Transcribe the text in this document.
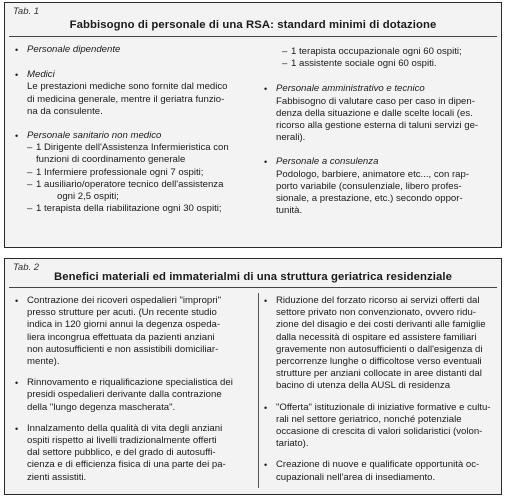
Tab. 1
Fabbisogno di personale di una RSA: standard minimi di dotazione
• Personale dipendente
• Medici
Le prestazioni mediche sono fornite dal medico
di medicina generale, mentre il geriatra funzio-
na da consulente.
• Personale sanitario non medico
– 1 Dirigente dell'Assistenza Infermieristica con
funzioni di coordinamento generale
– 1 Infermiere professionale ogni 7 ospiti;
– 1 ausiliario/operatore tecnico dell'assistenza
ogni 2,5 ospiti;
– 1 terapista della riabilitazione ogni 30 ospiti;
– 1 terapista occupazionale ogni 60 ospiti;
– 1 assistente sociale ogni 60 ospiti.
• Personale amministrativo e tecnico
Fabbisogno di valutare caso per caso in dipen-
denza della situazione e dalle scelte locali (es.
ricorso alla gestione esterna di taluni servizi ge-
nerali).
• Personale a consulenza
Podologo, barbiere, animatore etc..., con rap-
porto variabile (consulenziale, libero profes-
sionale, a prestazione, etc.) secondo oppor-
tunità.
Tab. 2
Benefici materiali ed immaterialmi di una struttura geriatrica residenziale
• Contrazione dei ricoveri ospedalieri "impropri"
presso strutture per acuti. (Un recente studio
indica in 120 giorni annui la degenza ospeda-
liera incongrua effettuata da pazienti anziani
non autosufficienti e non assistibili domiciliar-
mente).
• Rinnovamento e riqualificazione specialistica dei
presidi ospedalieri derivante dalla contrazione
della "lungo degenza mascherata".
• Innalzamento della qualità di vita degli anziani
ospiti rispetto ai livelli tradizionalmente offerti
dal settore pubblico, e del grado di autosuffi-
cienza e di efficienza fisica di una parte dei pa-
zienti assistiti.
• Riduzione del forzato ricorso ai servizi offerti dal
settore privato non convenzionato, ovvero ridu-
zione del disagio e dei costi derivanti alle famiglie
dalla necessità di ospitare ed assistere familiari
gravemente non autosufficienti o dall'esigenza di
percorrenze lunghe o difficoltose verso eventuali
strutture per anziani collocate in aree distanti dal
bacino di utenza della AUSL di residenza
• "Offerta" istituzionale di iniziative formative e cultu-
rali nel settore geriatrico, nonché potenziale
occasione di crescita di valori solidaristici (volon-
tariato).
• Creazione di nuove e qualificate opportunità oc-
cupazionali nell'area di insediamento.
